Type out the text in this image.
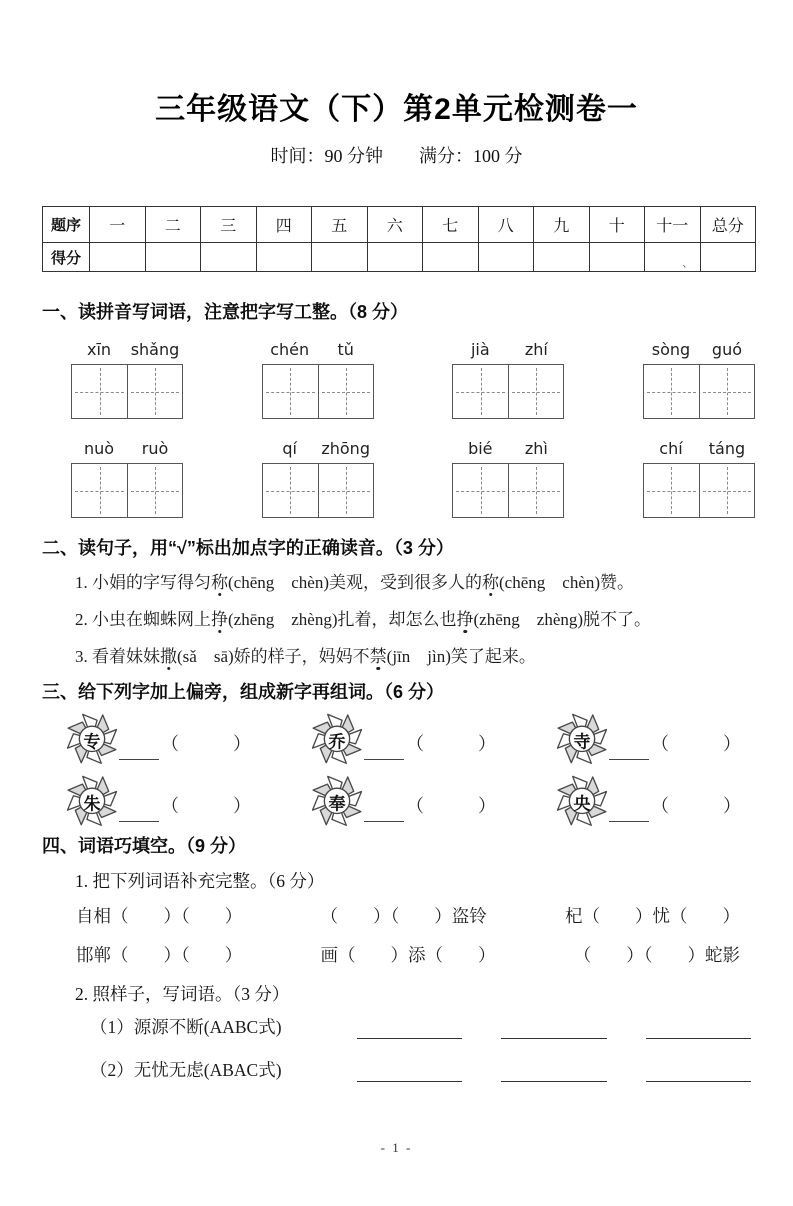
三年级语文（下）第2单元检测卷一
时间：90 分钟　　满分：100 分
题序	一	二	三	四	五	六	七	八	九	十	十一	总分
得分											、	

一、读拼音写词语，注意把字写工整。（8 分）
xīn	shǎng	chén	tǔ	jià	zhí	sòng	guó
nuò	ruò	qí	zhōng	bié	zhì	chí	táng
二、读句子，用“√”标出加点字的正确读音。（3 分）

1. 小娟的字写得匀称(chēng　chèn)美观，受到很多人的称(chēng　chèn)赞。

2. 小虫在蜘蛛网上挣(zhēng　zhèng)扎着，却怎么也挣(zhēng　zhèng)脱不了。

3. 看着妹妹撒(sǎ　sā)娇的样子，妈妈不禁(jīn　jìn)笑了起来。

三、给下列字加上偏旁，组成新字再组词。（6 分）
专	（　　　）	乔	（　　　）	寺	（　　　）
朱	（　　　）	奉	（　　　）	央	（　　　）
四、词语巧填空。（9 分）
1. 把下列词语补充完整。（6 分）
自相（　　）（　　）	（　　）（　　）盗铃	杞（　　）忧（　　）
邯郸（　　）（　　）	画（　　）添（　　）	（　　）（　　）蛇影
2. 照样子，写词语。（3 分）
（1）源源不断(AABC式)
（2）无忧无虑(ABAC式)
- 1 -
